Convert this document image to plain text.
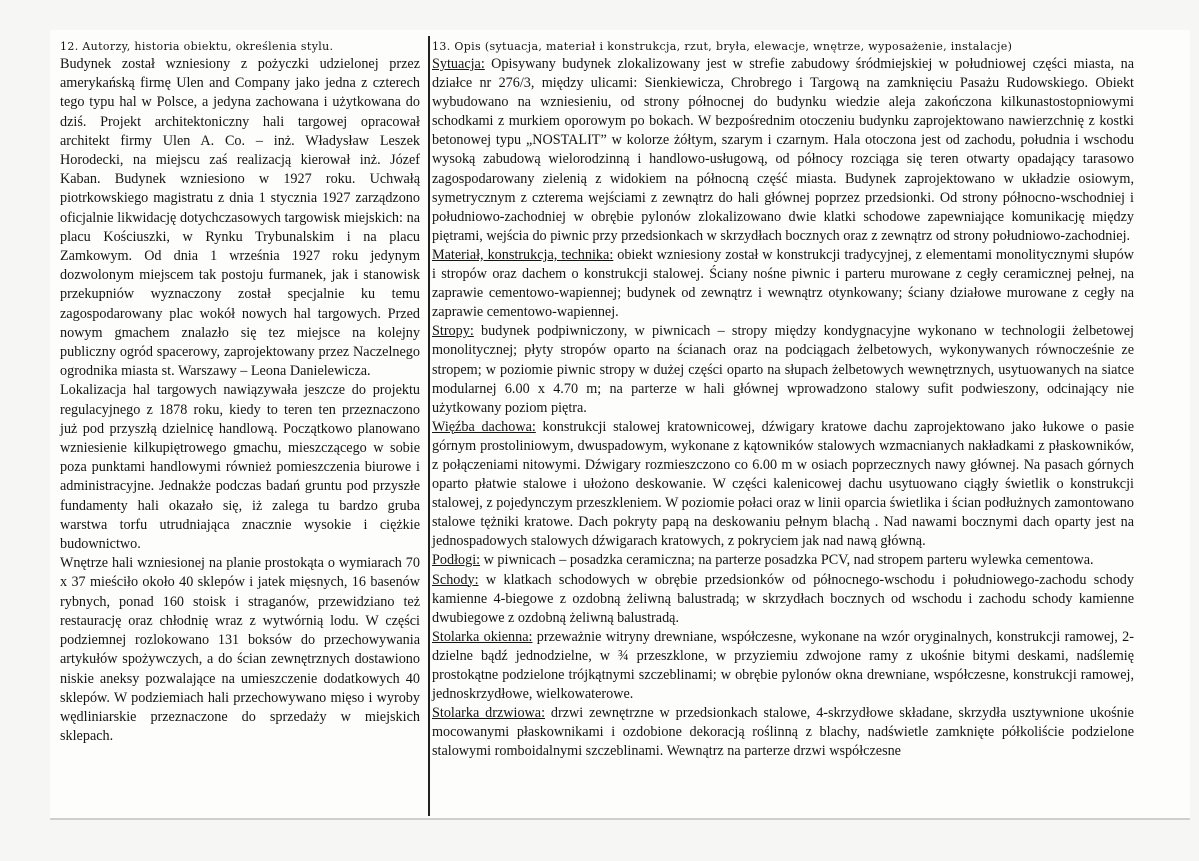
12. Autorzy, historia obiektu, określenia stylu.

Budynek został wzniesiony z pożyczki udzielonej przez amerykańską firmę Ulen and Company jako jedna z czterech tego typu hal w Polsce, a jedyna zachowana i użytkowana do dziś. Projekt architektoniczny hali targowej opracował architekt firmy Ulen A. Co. – inż. Władysław Leszek Horodecki, na miejscu zaś realizacją kierował inż. Józef Kaban. Budynek wzniesiono w 1927 roku. Uchwałą piotrkowskiego magistratu z dnia 1 stycznia 1927 zarządzono oficjalnie likwidację dotychczasowych targowisk miejskich: na placu Kościuszki, w Rynku Trybunalskim i na placu Zamkowym. Od dnia 1 września 1927 roku jedynym dozwolonym miejscem tak postoju furmanek, jak i stanowisk przekupniów wyznaczony został specjalnie ku temu zagospodarowany plac wokół nowych hal targowych. Przed nowym gmachem znalazło się tez miejsce na kolejny publiczny ogród spacerowy, zaprojektowany przez Naczelnego ogrodnika miasta st. Warszawy – Leona Danielewicza.

Lokalizacja hal targowych nawiązywała jeszcze do projektu regulacyjnego z 1878 roku, kiedy to teren ten przeznaczono już pod przyszłą dzielnicę handlową. Początkowo planowano wzniesienie kilkupiętrowego gmachu, mieszczącego w sobie poza punktami handlowymi również pomieszczenia biurowe i administracyjne. Jednakże podczas badań gruntu pod przyszłe fundamenty hali okazało się, iż zalega tu bardzo gruba warstwa torfu utrudniająca znacznie wysokie i ciężkie budownictwo.

Wnętrze hali wzniesionej na planie prostokąta o wymiarach 70 x 37 mieściło około 40 sklepów i jatek mięsnych, 16 basenów rybnych, ponad 160 stoisk i straganów, przewidziano też restaurację oraz chłodnię wraz z wytwórnią lodu. W części podziemnej rozlokowano 131 boksów do przechowywania artykułów spożywczych, a do ścian zewnętrznych dostawiono niskie aneksy pozwalające na umieszczenie dodatkowych 40 sklepów. W podziemiach hali przechowywano mięso i wyroby wędliniarskie przeznaczone do sprzedaży w miejskich sklepach.

13. Opis (sytuacja, materiał i konstrukcja, rzut, bryła, elewacje, wnętrze, wyposażenie, instalacje)

Sytuacja: Opisywany budynek zlokalizowany jest w strefie zabudowy śródmiejskiej w południowej części miasta, na działce nr 276/3, między ulicami: Sienkiewicza, Chrobrego i Targową na zamknięciu Pasażu Rudowskiego. Obiekt wybudowano na wzniesieniu, od strony północnej do budynku wiedzie aleja zakończona kilkunastostopniowymi schodkami z murkiem oporowym po bokach. W bezpośrednim otoczeniu budynku zaprojektowano nawierzchnię z kostki betonowej typu „NOSTALIT” w kolorze żółtym, szarym i czarnym. Hala otoczona jest od zachodu, południa i wschodu wysoką zabudową wielorodzinną i handlowo-usługową, od północy rozciąga się teren otwarty opadający tarasowo zagospodarowany zielenią z widokiem na północną część miasta. Budynek zaprojektowano w układzie osiowym, symetrycznym z czterema wejściami z zewnątrz do hali głównej poprzez przedsionki. Od strony północno-wschodniej i południowo-zachodniej w obrębie pylonów zlokalizowano dwie klatki schodowe zapewniające komunikację między piętrami, wejścia do piwnic przy przedsionkach w skrzydłach bocznych oraz z zewnątrz od strony południowo-zachodniej.

Materiał, konstrukcja, technika: obiekt wzniesiony został w konstrukcji tradycyjnej, z elementami monolitycznymi słupów i stropów oraz dachem o konstrukcji stalowej. Ściany nośne piwnic i parteru murowane z cegły ceramicznej pełnej, na zaprawie cementowo-wapiennej; budynek od zewnątrz i wewnątrz otynkowany; ściany działowe murowane z cegły na zaprawie cementowo-wapiennej.

Stropy: budynek podpiwniczony, w piwnicach – stropy między kondygnacyjne wykonano w technologii żelbetowej monolitycznej; płyty stropów oparto na ścianach oraz na podciągach żelbetowych, wykonywanych równocześnie ze stropem; w poziomie piwnic stropy w dużej części oparto na słupach żelbetowych wewnętrznych, usytuowanych na siatce modularnej 6.00 x 4.70 m; na parterze w hali głównej wprowadzono stalowy sufit podwieszony, odcinający nie użytkowany poziom piętra.

Więźba dachowa: konstrukcji stalowej kratownicowej, dźwigary kratowe dachu zaprojektowano jako łukowe o pasie górnym prostoliniowym, dwuspadowym, wykonane z kątowników stalowych wzmacnianych nakładkami z płaskowników, z połączeniami nitowymi. Dźwigary rozmieszczono co 6.00 m w osiach poprzecznych nawy głównej. Na pasach górnych oparto płatwie stalowe i ułożono deskowanie. W części kalenicowej dachu usytuowano ciągły świetlik o konstrukcji stalowej, z pojedynczym przeszkleniem. W poziomie połaci oraz w linii oparcia świetlika i ścian podłużnych zamontowano stalowe tężniki kratowe. Dach pokryty papą na deskowaniu pełnym blachą . Nad nawami bocznymi dach oparty jest na jednospadowych stalowych dźwigarach kratowych, z pokryciem jak nad nawą główną.

Podłogi: w piwnicach – posadzka ceramiczna; na parterze posadzka PCV, nad stropem parteru wylewka cementowa.

Schody: w klatkach schodowych w obrębie przedsionków od północnego-wschodu i południowego-zachodu schody kamienne 4-biegowe z ozdobną żeliwną balustradą; w skrzydłach bocznych od wschodu i zachodu schody kamienne dwubiegowe z ozdobną żeliwną balustradą.

Stolarka okienna: przeważnie witryny drewniane, współczesne, wykonane na wzór oryginalnych, konstrukcji ramowej, 2-dzielne bądź jednodzielne, w ¾ przeszklone, w przyziemiu zdwojone ramy z ukośnie bitymi deskami, nadślemię prostokątne podzielone trójkątnymi szczeblinami; w obrębie pylonów okna drewniane, współczesne, konstrukcji ramowej, jednoskrzydłowe, wielkowaterowe.

Stolarka drzwiowa: drzwi zewnętrzne w przedsionkach stalowe, 4-skrzydłowe składane, skrzydła usztywnione ukośnie mocowanymi płaskownikami i ozdobione dekoracją roślinną z blachy, nadświetle zamknięte półkoliście podzielone stalowymi romboidalnymi szczeblinami. Wewnątrz na parterze drzwi współczesne
